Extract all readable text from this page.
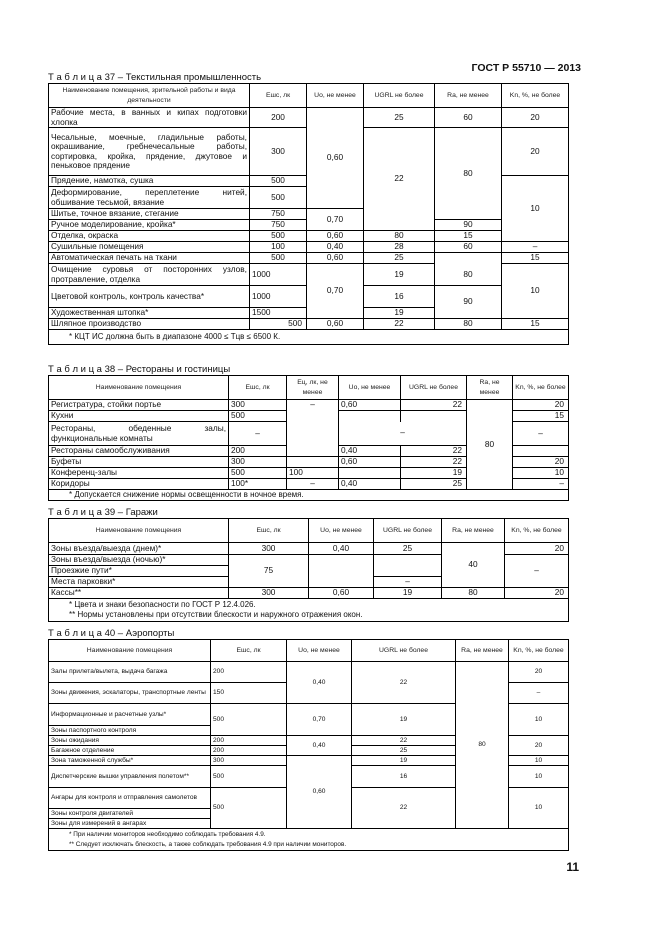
ГОСТ Р 55710 — 2013
Т а б л и ц а 37 – Текстильная промышленность
Наименование помещения, зрительной работы и вида деятельности	Ешс, лк	Uo, не менее	UGRL не более	Ra, не менее	Kn, %, не более
Рабочие места, в ванных и кипах подготовки хлопка	200	0,60	25	60	20
Чесальные, моечные, гладильные работы, окрашивание, гребнечесальные работы, сортировка, кройка, прядение, джутовое и пеньковое прядение	300		22	80	20
Прядение, намотка, сушка	500				10
Деформирование, переплетение нитей, обшивание тесьмой, вязание	500				
Шитье, точное вязание, стегание	750	0,70			
Ручное моделирование, кройка*	750			90	
Отделка, окраска	500	0,60	80	15	
Сушильные помещения	100	0,40	28	60	–
Автоматическая печать на ткани	500	0,60	25		15
Очищение суровья от посторонних узлов, протравление, отделка	1000	0,70	19	80	10
Цветовой контроль, контроль качества*	1000		16	90	
Художественная штопка*	1500		19		
Шляпное производство	500	0,60	22	80	15
* КЦТ ИС должна быть в диапазоне 4000 ≤ Tцв ≤ 6500 К.					
Т а б л и ц а 38 – Рестораны и гостиницы
Наименование помещения	Ешс, лк	Ец, лк, не менее	Uo, не менее	UGRL не более	Ra, не менее	Kn, %, не более
Регистратура, стойки портье	300	–	0,60	22	80	20
Кухни	500					15
Рестораны, обеденные залы, функциональные комнаты	–		–			–
Рестораны самообслуживания	200		0,40	22		
Буфеты	300		0,60	22		20
Конференц-залы	500	100		19		10
Коридоры	100*	–	0,40	25		–
* Допускается снижение нормы освещенности в ночное время.						
Т а б л и ц а 39 – Гаражи
Наименование помещения	Ешс, лк	Uo, не менее	UGRL не более	Ra, не менее	Kn, %, не более
Зоны въезда/выезда (днем)*	300	0,40	25	40	20
Зоны въезда/выезда (ночью)*	75				–
Проезжие пути*					
Места парковки*			–		
Кассы**	300	0,60	19	80	20

* Цвета и знаки безопасности по ГОСТ Р 12.4.026.
** Нормы установлены при отсутствии блескости и наружного отражения окон.					
Т а б л и ц а 40 – Аэропорты
Наименование помещения	Ешс, лк	Uo, не менее	UGRL не более	Ra, не менее	Kn, %, не более
Залы прилета/вылета, выдача багажа	200	0,40	22	80	20
Зоны движения, эскалаторы, транспортные ленты	150				–
Информационные и расчетные узлы*	500	0,70	19		10
Зоны паспортного контроля					
Зоны ожидания	200	0,40	22		20
Багажное отделение	200		25		
Зона таможенной службы*	300	0,60	19		10
Диспетчерские вышки управления полетом**	500		16		10
Ангары для контроля и отправления самолетов	500		22		10
Зоны контроля двигателей					
Зоны для измерений в ангарах					

* При наличии мониторов необходимо соблюдать требования 4.9.
** Следует исключать блескость, а также соблюдать требования 4.9 при наличии мониторов.					
11
